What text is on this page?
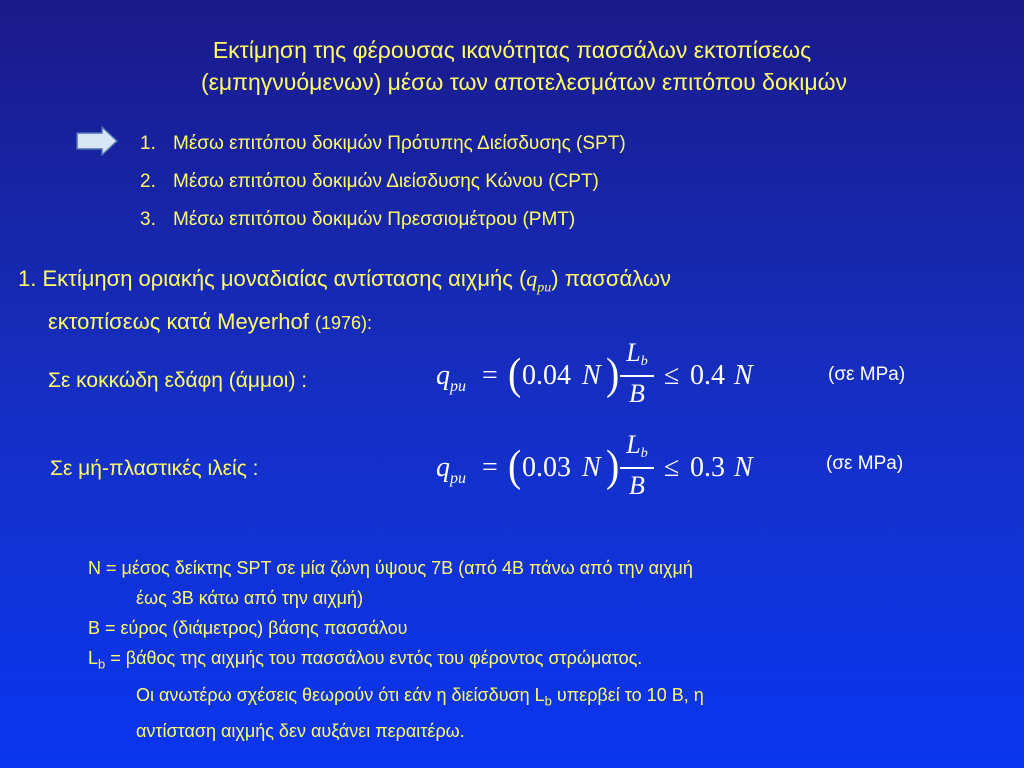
Εκτίμηση της φέρουσας ικανότητας πασσάλων εκτοπίσεως

(εμπηγνυόμενων) μέσω των αποτελεσμάτων επιτόπου δοκιμών
1. Μέσω επιτόπου δοκιμών Πρότυπης Διείσδυσης (SPT)
2. Μέσω επιτόπου δοκιμών Διείσδυσης Κώνου (CPT)
3. Μέσω επιτόπου δοκιμών Πρεσσιομέτρου (PMT)
1. Εκτίμηση οριακής μοναδιαίας αντίστασης αιχμής $(q_{pu})$ πασσάλων
εκτοπίσεως κατά Meyerhof (1976):
Σε κοκκώδη εδάφη (άμμοι) :	$q_{pu}$ = ( 0.04 N ) Lb
B
≤ 0.4 N	(σε MPa)
Σε μή-πλαστικές ιλείς :	$q_{pu}$ = ( 0.03 N ) Lb
B
≤ 0.3 N	(σε MPa)
N = μέσος δείκτης SPT σε μία ζώνη ύψους 7B (από 4B πάνω από την αιχμή
έως 3B κάτω από την αιχμή)
B = εύρος (διάμετρος) βάσης πασσάλου
$L_b = \beta ά\theta o\varsigma$ της αιχμής του πασσάλου εντός του φέροντος στρώματος.
Οι ανωτέρω σχέσεις θεωρούν ότι εάν η διείσδυση $L_b$ υπερβεί το 10 B, η
αντίσταση αιχμής δεν αυξάνει περαιτέρω.
